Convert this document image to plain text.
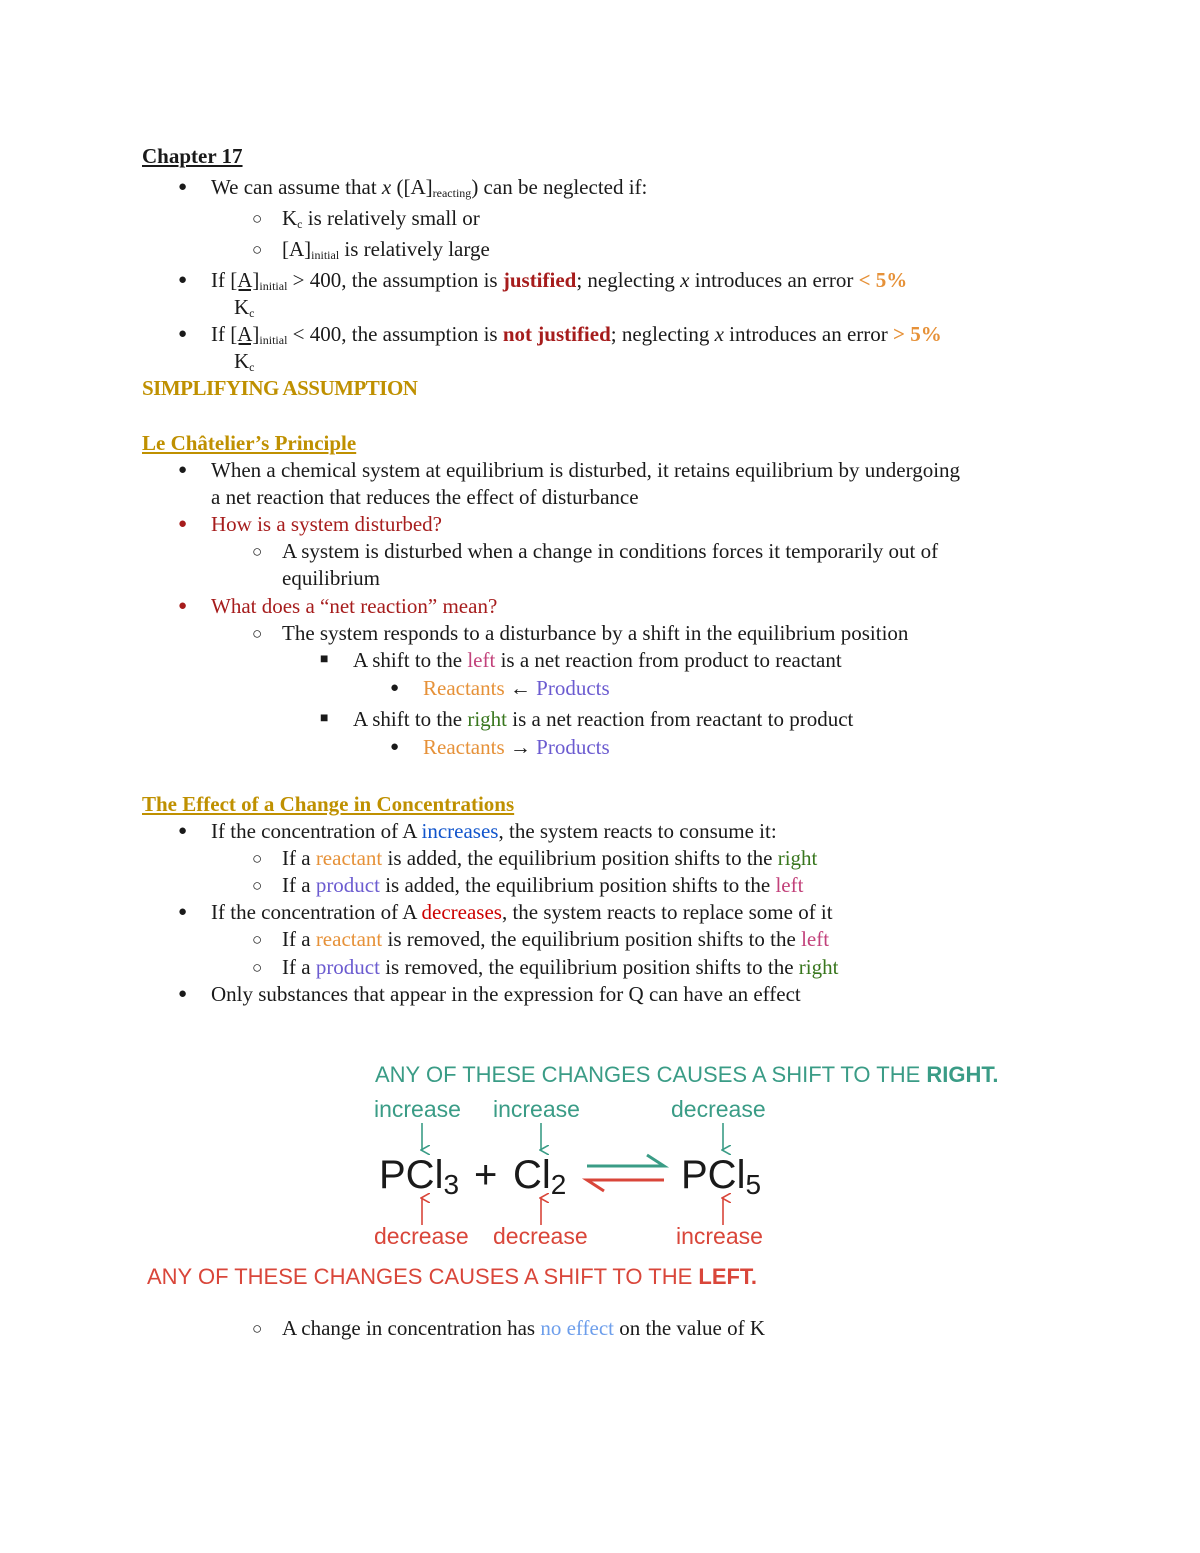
Chapter 17
● We can assume that x $([A]_{reacting})$ can be neglected if:
○ $K_c$ is relatively small or
○ $[A]_{initial}$ is relatively large
● If $[A]_{initial} > 400$, the assumption is justified; neglecting x introduces an error < 5%
$K_c$
● If $[A]_{initial} < 400$, the assumption is not justified; neglecting x introduces an error > 5%
$K_c$
SIMPLIFYING ASSUMPTION
Le Châtelier’s Principle
● When a chemical system at equilibrium is disturbed, it retains equilibrium by undergoing
a net reaction that reduces the effect of disturbance
● How is a system disturbed?
○ A system is disturbed when a change in conditions forces it temporarily out of
equilibrium
● What does a “net reaction” mean?
○ The system responds to a disturbance by a shift in the equilibrium position
■ A shift to the left is a net reaction from product to reactant
● Reactants ← Products
■ A shift to the right is a net reaction from reactant to product
● Reactants → Products
The Effect of a Change in Concentrations
● If the concentration of A increases, the system reacts to consume it:
○ If a reactant is added, the equilibrium position shifts to the right
○ If a product is added, the equilibrium position shifts to the left
● If the concentration of A decreases, the system reacts to replace some of it
○ If a reactant is removed, the equilibrium position shifts to the left
○ If a product is removed, the equilibrium position shifts to the right
● Only substances that appear in the expression for Q can have an effect
ANY OF THESE CHANGES CAUSES A SHIFT TO THE RIGHT.
increase increase	decrease
PCl3 + Cl2	PCl5
decrease decrease	increase
ANY OF THESE CHANGES CAUSES A SHIFT TO THE LEFT.
○ A change in concentration has no effect on the value of K
